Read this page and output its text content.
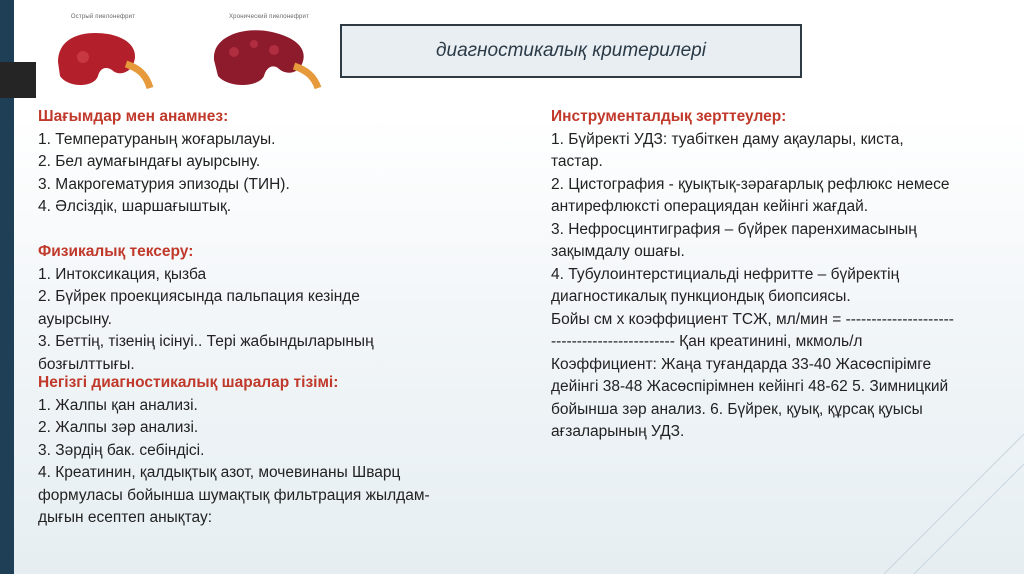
Острый пиелонефрит	Хронический пиелонефрит
диагностикалық критерилері
Шағымдар мен анамнез:
1. Температураның жоғарылауы.
2. Бел аумағындағы ауырсыну.
3. Макрогематурия эпизоды (ТИН).
4. Әлсіздік, шаршағыштық.
Физикалық тексеру:
1. Интоксикация, қызба
2. Бүйрек проекциясында пальпация кезінде
ауырсыну.
3. Беттің, тізенің ісінуі.. Тері жабындыларының
бозғылттығы.
Негізгі диагностикалық шаралар тізімі:
1. Жалпы қан анализі.
2. Жалпы зәр анализі.
3. Зәрдің бак. себіндісі.
4. Креатинин, қалдықтық азот, мочевинаны Шварц
формуласы бойынша шумақтық фильтрация жылдам-
дығын есептеп анықтау:
Инструменталдық зерттеулер:
1. Бүйректі УДЗ: туабіткен даму ақаулары, киста,
тастар.
2. Цистография - қуықтық-зәрағарлық рефлюкс немесе
антирефлюксті операциядан кейінгі жағдай.
3. Нефросцинтиграфия – бүйрек паренхимасының
зақымдалу ошағы.
4. Тубулоинтерстициальді нефритте – бүйректің
диагностикалық пункциондық биопсиясы.
Бойы см х коэффициент ТСЖ, мл/мин = ---------------------
------------------------ Қан креатинині, мкмоль/л
Коэффициент: Жаңа туғандарда 33-40 Жасөспірімге
дейінгі 38-48 Жасөспірімнен кейінгі 48-62 5. Зимницкий
бойынша зәр анализ. 6. Бүйрек, қуық, құрсақ қуысы
ағзаларының УДЗ.
